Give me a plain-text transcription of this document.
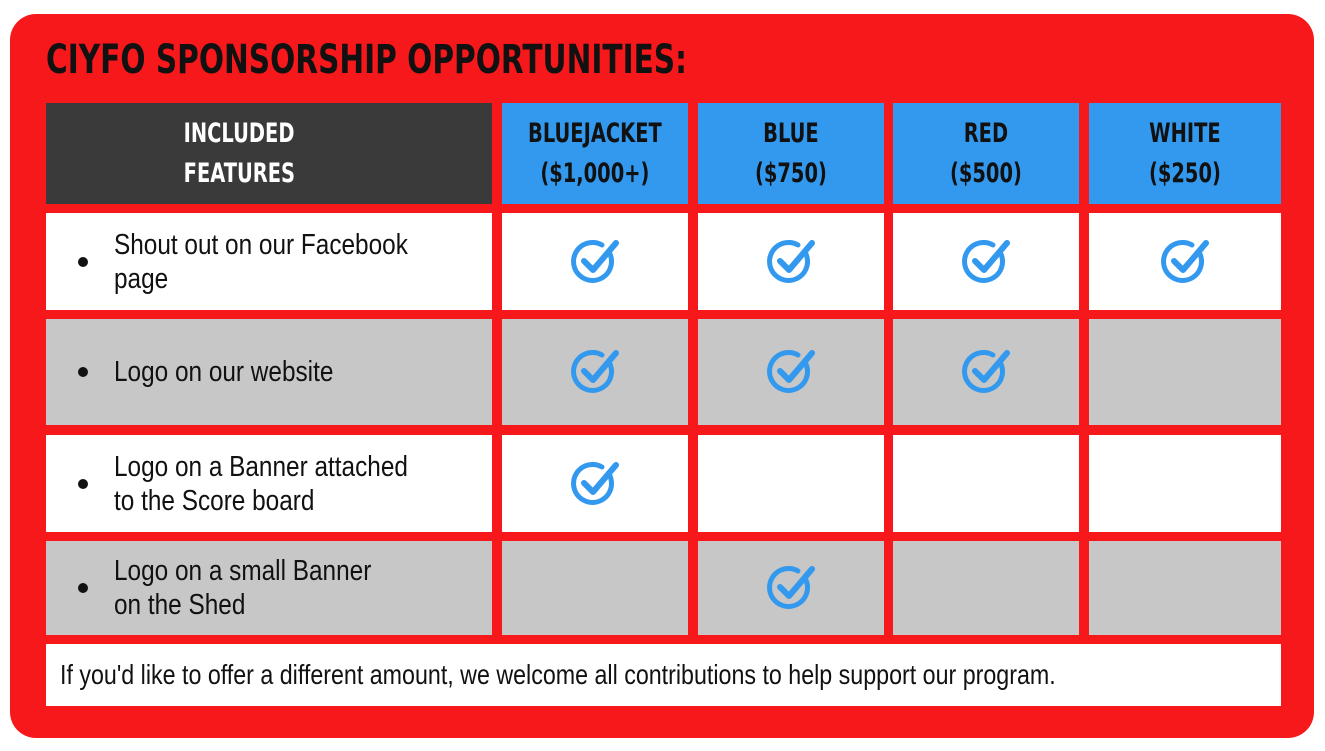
CIYFO SPONSORSHIP OPPORTUNITIES:
INCLUDED
FEATURES
BLUEJACKET
($1,000+)
BLUE
($750)
RED
($500)
WHITE
($250)
Shout out on our Facebook page
Logo on our website
Logo on a Banner attached
to the Score board
Logo on a small Banner
on the Shed
If you'd like to offer a different amount, we welcome all contributions to help support our program.
